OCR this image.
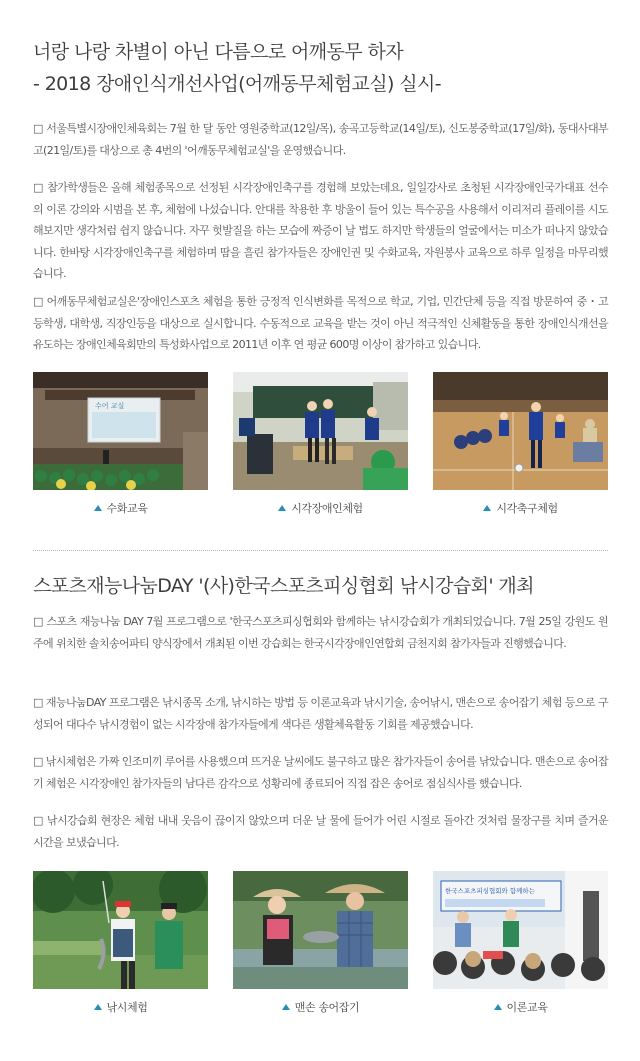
너랑 나랑 차별이 아닌 다름으로 어깨동무 하자
- 2018 장애인식개선사업(어깨동무체험교실) 실시-

□ 서울특별시장애인체육회는 7월 한 달 동안 영원중학교(12일/목), 송곡고등학교(14일/토), 신도봉중학교(17일/화), 동대사대부고(21일/토)를 대상으로 총 4번의 '어깨동무체험교실'을 운영했습니다.

□ 참가학생들은 올해 체험종목으로 선정된 시각장애인축구를 경험해 보았는데요, 일일강사로 초청된 시각장애인국가대표 선수의 이론 강의와 시범을 본 후, 체험에 나섰습니다. 안대를 착용한 후 방울이 들어 있는 특수공을 사용해서 이리저리 플레이를 시도해보지만 생각처럼 쉽지 않습니다. 자꾸 헛발질을 하는 모습에 짜증이 날 법도 하지만 학생들의 얼굴에서는 미소가 떠나지 않았습니다. 한바탕 시각장애인축구를 체험하며 땀을 흘린 참가자들은 장애인권 및 수화교육, 자원봉사 교육으로 하루 일정을 마무리했습니다.

□ 어깨동무체험교실은'장애인스포츠 체험을 통한 긍정적 인식변화를 목적으로 학교, 기업, 민간단체 등을 직접 방문하여 중・고등학생, 대학생, 직장인등을 대상으로 실시합니다. 수동적으로 교육을 받는 것이 아닌 적극적인 신체활동을 통한 장애인식개선을 유도하는 장애인체육회만의 특성화사업으로 2011년 이후 연 평균 600명 이상이 참가하고 있습니다.

수어 교실
수화교육	시각장애인체험	시각축구체험
스포츠재능나눔DAY '(사)한국스포츠피싱협회 낚시강습회' 개최

□ 스포츠 재능나눔 DAY 7월 프로그램으로 '한국스포츠피싱협회와 함께하는 낚시강습회가 개최되었습니다. 7월 25일 강원도 원주에 위치한 솔치송어파티 양식장에서 개최된 이번 강습회는 한국시각장애인연합회 금천지회 참가자들과 진행했습니다.

□ 재능나눔DAY 프로그램은 낚시종목 소개, 낚시하는 방법 등 이론교육과 낚시기술, 송어낚시, 맨손으로 송어잡기 체험 등으로 구성되어 대다수 낚시경험이 없는 시각장애 참가자들에게 색다른 생활체육활동 기회를 제공했습니다.

□ 낚시체험은 가짜 인조미끼 루어를 사용했으며 뜨거운 날씨에도 불구하고 많은 참가자들이 송어를 낚았습니다. 맨손으로 송어잡기 체험은 시각장애인 참가자들의 남다른 감각으로 성황리에 종료되어 직접 잡은 송어로 점심식사를 했습니다.

□ 낚시강습회 현장은 체험 내내 웃음이 끊이지 않았으며 더운 날 물에 들어가 어린 시절로 돌아간 것처럼 물장구를 치며 즐거운 시간을 보냈습니다.

낚시체험	맨손 송어잡기
한국스포츠피싱협회와 함께하는
이론교육
